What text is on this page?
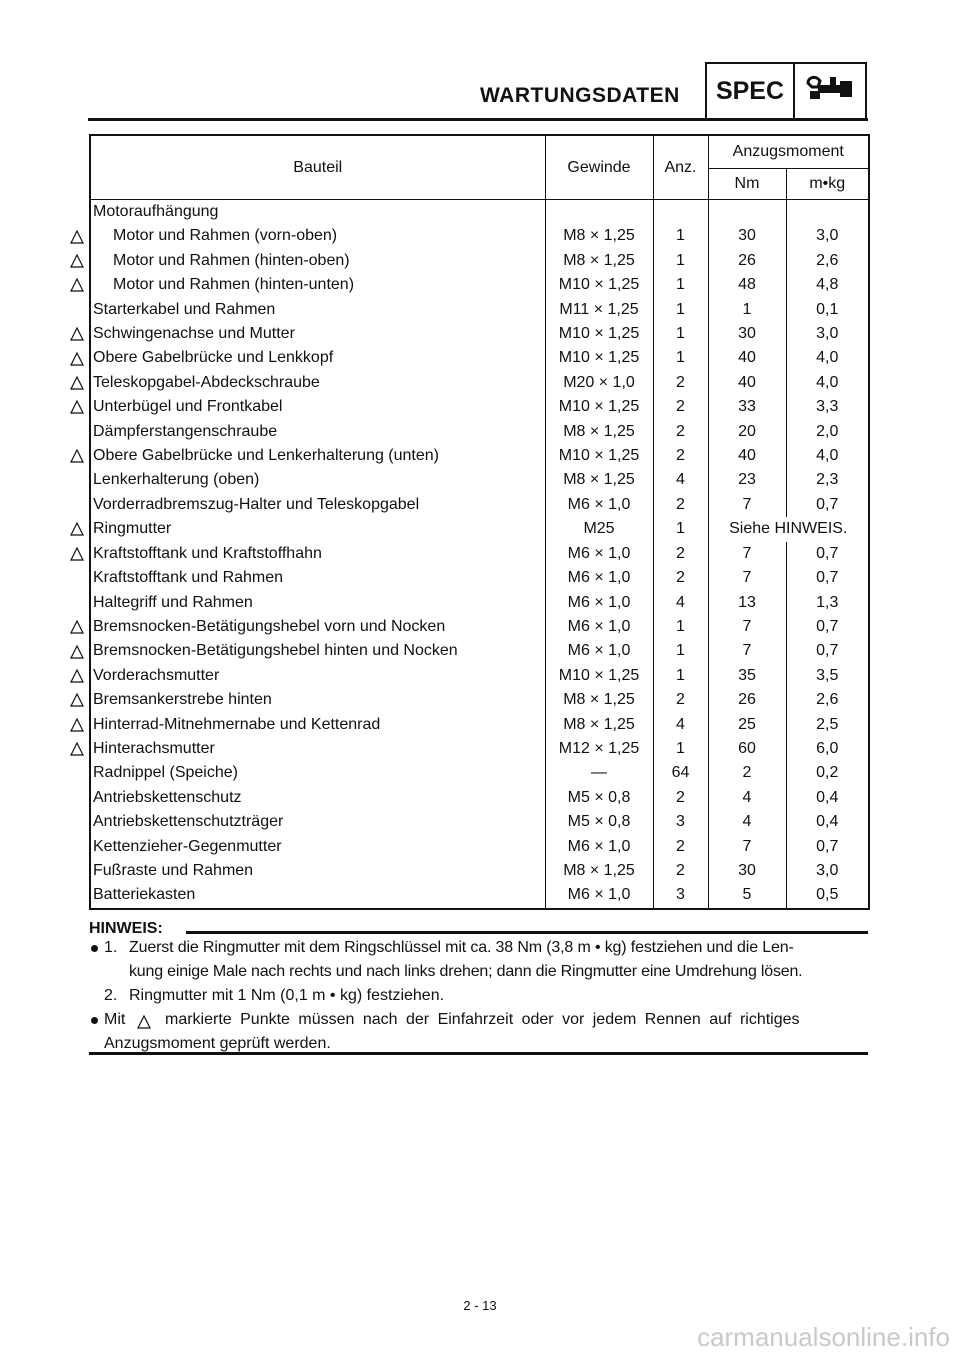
WARTUNGSDATEN	SPEC
Bauteil	Gewinde	Anz.	Anzugsmoment	
			Nm	m•kg
Motoraufhängung				
Motor und Rahmen (vorn-oben)	M8 × 1,25	1	30	3,0
Motor und Rahmen (hinten-oben)	M8 × 1,25	1	26	2,6
Motor und Rahmen (hinten-unten)	M10 × 1,25	1	48	4,8
Starterkabel und Rahmen	M11 × 1,25	1	1	0,1
Schwingenachse und Mutter	M10 × 1,25	1	30	3,0
Obere Gabelbrücke und Lenkkopf	M10 × 1,25	1	40	4,0
Teleskopgabel-Abdeckschraube	M20 × 1,0	2	40	4,0
Unterbügel und Frontkabel	M10 × 1,25	2	33	3,3
Dämpferstangenschraube	M8 × 1,25	2	20	2,0
Obere Gabelbrücke und Lenkerhalterung (unten)	M10 × 1,25	2	40	4,0
Lenkerhalterung (oben)	M8 × 1,25	4	23	2,3
Vorderradbremszug-Halter und Teleskopgabel	M6 × 1,0	2	7	0,7
Ringmutter	M25	1	Siehe HINWEIS.	
Kraftstofftank und Kraftstoffhahn	M6 × 1,0	2	7	0,7
Kraftstofftank und Rahmen	M6 × 1,0	2	7	0,7
Haltegriff und Rahmen	M6 × 1,0	4	13	1,3
Bremsnocken-Betätigungshebel vorn und Nocken	M6 × 1,0	1	7	0,7
Bremsnocken-Betätigungshebel hinten und Nocken	M6 × 1,0	1	7	0,7
Vorderachsmutter	M10 × 1,25	1	35	3,5
Bremsankerstrebe hinten	M8 × 1,25	2	26	2,6
Hinterrad-Mitnehmernabe und Kettenrad	M8 × 1,25	4	25	2,5
Hinterachsmutter	M12 × 1,25	1	60	6,0
Radnippel (Speiche)	—	64	2	0,2
Antriebskettenschutz	M5 × 0,8	2	4	0,4
Antriebskettenschutzträger	M5 × 0,8	3	4	0,4
Kettenzieher-Gegenmutter	M6 × 1,0	2	7	0,7
Fußraste und Rahmen	M8 × 1,25	2	30	3,0
Batteriekasten	M6 × 1,0	3	5	0,5
HINWEIS:
1. Zuerst die Ringmutter mit dem Ringschlüssel mit ca. 38 Nm (3,8 m • kg) festziehen und die Len-
kung einige Male nach rechts und nach links drehen; dann die Ringmutter eine Umdrehung lösen.
2. Ringmutter mit 1 Nm (0,1 m • kg) festziehen.
Mit markierte Punkte müssen nach der Einfahrzeit oder vor jedem Rennen auf richtiges
Anzugsmoment geprüft werden.
2 - 13
carmanualsonline.info
